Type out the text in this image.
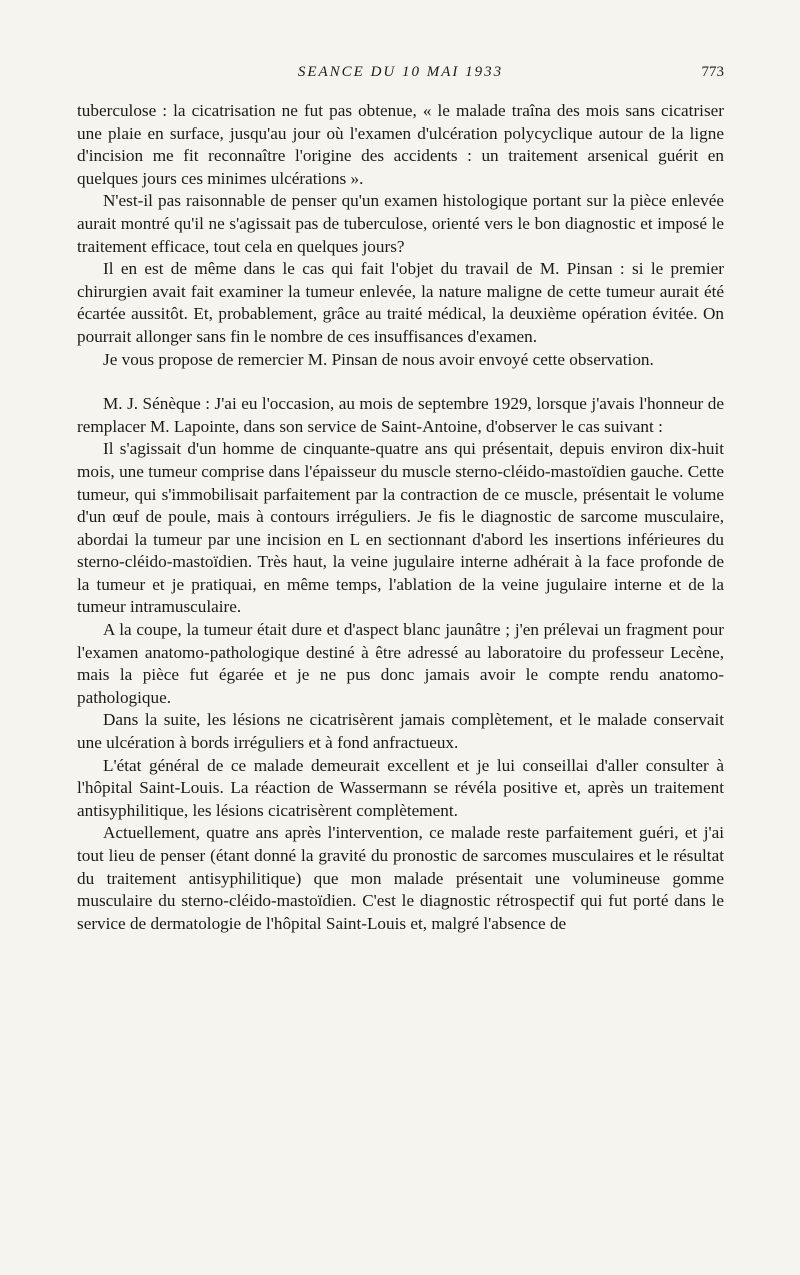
SEANCE DU 10 MAI 1933	773

tuberculose : la cicatrisation ne fut pas obtenue, « le malade traîna des mois sans cicatriser une plaie en surface, jusqu'au jour où l'examen d'ulcération polycyclique autour de la ligne d'incision me fit reconnaître l'origine des accidents : un traitement arsenical guérit en quelques jours ces minimes ulcérations ».

N'est-il pas raisonnable de penser qu'un examen histologique portant sur la pièce enlevée aurait montré qu'il ne s'agissait pas de tuberculose, orienté vers le bon diagnostic et imposé le traitement efficace, tout cela en quelques jours?

Il en est de même dans le cas qui fait l'objet du travail de M. Pinsan : si le premier chirurgien avait fait examiner la tumeur enlevée, la nature maligne de cette tumeur aurait été écartée aussitôt. Et, probablement, grâce au traité médical, la deuxième opération évitée. On pourrait allonger sans fin le nombre de ces insuffisances d'examen.

Je vous propose de remercier M. Pinsan de nous avoir envoyé cette observation.

M. J. Sénèque : J'ai eu l'occasion, au mois de septembre 1929, lorsque j'avais l'honneur de remplacer M. Lapointe, dans son service de Saint-Antoine, d'observer le cas suivant :

Il s'agissait d'un homme de cinquante-quatre ans qui présentait, depuis environ dix-huit mois, une tumeur comprise dans l'épaisseur du muscle sterno-cléido-mastoïdien gauche. Cette tumeur, qui s'immobilisait parfaitement par la contraction de ce muscle, présentait le volume d'un œuf de poule, mais à contours irréguliers. Je fis le diagnostic de sarcome musculaire, abordai la tumeur par une incision en L en sectionnant d'abord les insertions inférieures du sterno-cléido-mastoïdien. Très haut, la veine jugulaire interne adhérait à la face profonde de la tumeur et je pratiquai, en même temps, l'ablation de la veine jugulaire interne et de la tumeur intramusculaire.

A la coupe, la tumeur était dure et d'aspect blanc jaunâtre ; j'en prélevai un fragment pour l'examen anatomo-pathologique destiné à être adressé au laboratoire du professeur Lecène, mais la pièce fut égarée et je ne pus donc jamais avoir le compte rendu anatomo-pathologique.

Dans la suite, les lésions ne cicatrisèrent jamais complètement, et le malade conservait une ulcération à bords irréguliers et à fond anfractueux.

L'état général de ce malade demeurait excellent et je lui conseillai d'aller consulter à l'hôpital Saint-Louis. La réaction de Wassermann se révéla positive et, après un traitement antisyphilitique, les lésions cicatrisèrent complètement.

Actuellement, quatre ans après l'intervention, ce malade reste parfaitement guéri, et j'ai tout lieu de penser (étant donné la gravité du pronostic de sarcomes musculaires et le résultat du traitement antisyphilitique) que mon malade présentait une volumineuse gomme musculaire du sterno-cléido-mastoïdien. C'est le diagnostic rétrospectif qui fut porté dans le service de dermatologie de l'hôpital Saint-Louis et, malgré l'absence de
